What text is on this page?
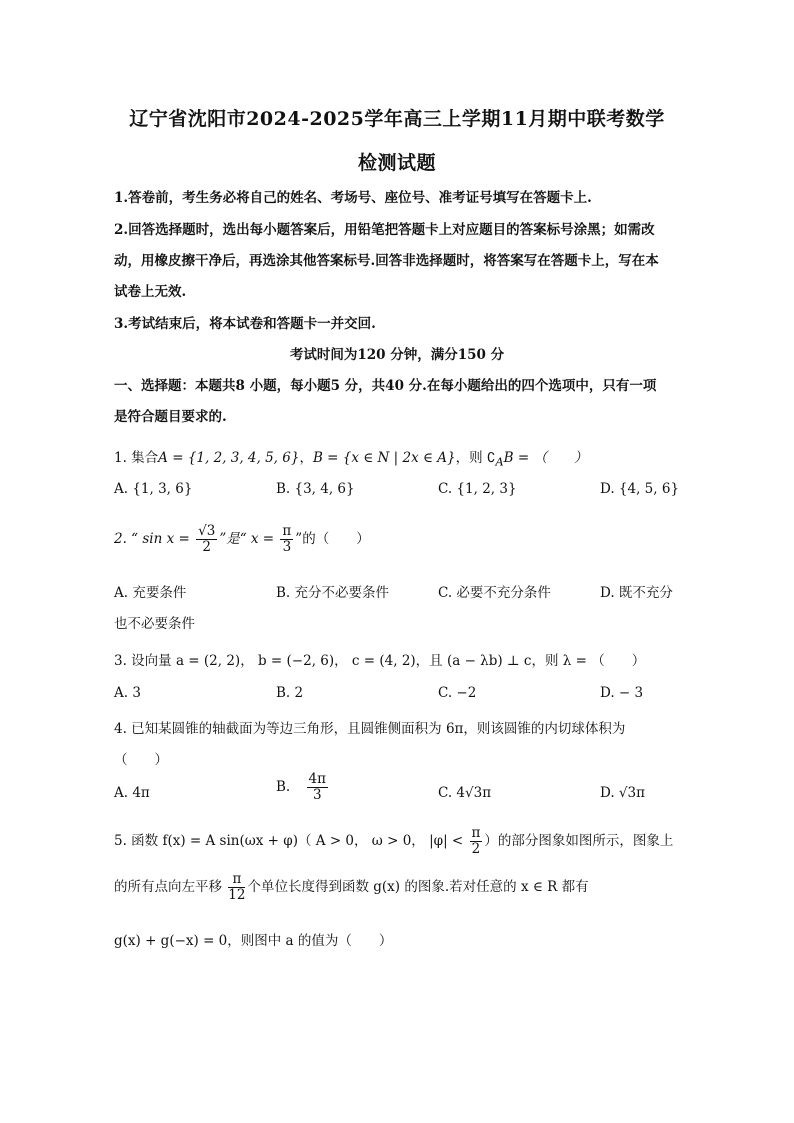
辽宁省沈阳市2024-2025学年高三上学期11月期中联考数学
检测试题
1.答卷前，考生务必将自己的姓名、考场号、座位号、准考证号填写在答题卡上.
2.回答选择题时，选出每小题答案后，用铅笔把答题卡上对应题目的答案标号涂黑；如需改
动，用橡皮擦干净后，再选涂其他答案标号.回答非选择题时，将答案写在答题卡上，写在本
试卷上无效.
3.考试结束后，将本试卷和答题卡一并交回.
考试时间为120 分钟，满分150 分
一、选择题：本题共8 小题，每小题5 分，共40 分.在每小题给出的四个选项中，只有一项
是符合题目要求的.
1. 集合A = {1, 2, 3, 4, 5, 6}，B = {x ∈ N | 2x ∈ A}，则 $∁_AB$ = （　　）
A. {1, 3, 6}	B. {3, 4, 6}	C. {1, 2, 3}	D. {4, 5, 6}
2. “ $\sin x = \frac{√3}{2}$ ”是“ $x = \frac{\pi}{3}$ ”的（　　）
A. 充要条件	B. 充分不必要条件	C. 必要不充分条件	D. 既不充分
也不必要条件
3. 设向量 a = (2, 2)， b = (−2, 6)， c = (4, 2)，且 (a − λb) ⊥ c，则 λ = （　　）
A. 3	B. 2	C. −2	D. − 3
4. 已知某圆锥的轴截面为等边三角形，且圆锥侧面积为 6π，则该圆锥的内切球体积为
（　　）
A. 4π	B. $\frac{4\pi}{3}$	C. 4√3π	D. √3π
5. 函数 f(x) = A sin(ωx + φ)（ A > 0， ω > 0， $|\varphi| < \frac{\pi}{2}$ ）的部分图象如图所示，图象上
的所有点向左平移 $\frac{\pi}{12}$ 个单位长度得到函数 g(x) 的图象.若对任意的 x ∈ R 都有
g(x) + g(−x) = 0，则图中 a 的值为（　　）
